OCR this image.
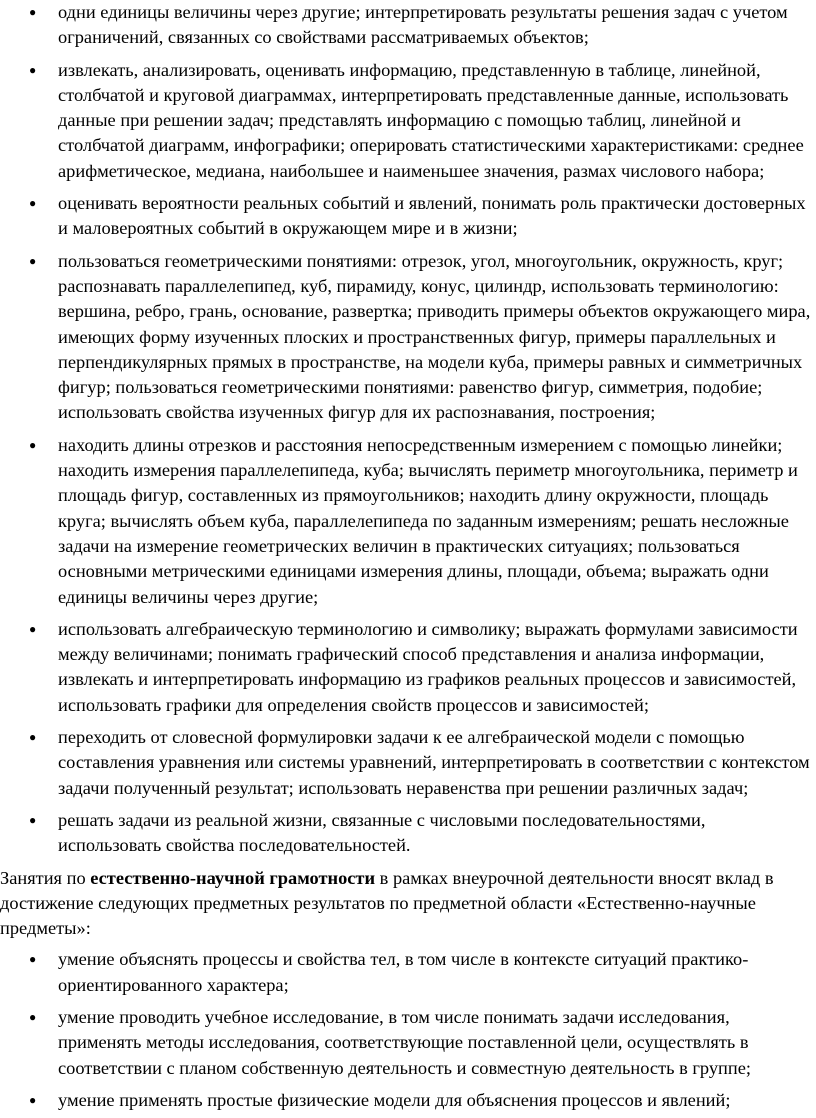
● одни единицы величины через другие; интерпретировать результаты решения задач с учетом ограничений, связанных со свойствами рассматриваемых объектов;
● извлекать, анализировать, оценивать информацию, представленную в таблице, линейной, столбчатой и круговой диаграммах, интерпретировать представленные данные, использовать данные при решении задач; представлять информацию с помощью таблиц, линейной и столбчатой диаграмм, инфографики; оперировать статистическими характеристиками: среднее арифметическое, медиана, наибольшее и наименьшее значения, размах числового набора;
● оценивать вероятности реальных событий и явлений, понимать роль практически достоверных и маловероятных событий в окружающем мире и в жизни;
● пользоваться геометрическими понятиями: отрезок, угол, многоугольник, окружность, круг; распознавать параллелепипед, куб, пирамиду, конус, цилиндр, использовать терминологию: вершина, ребро, грань, основание, развертка; приводить примеры объектов окружающего мира, имеющих форму изученных плоских и пространственных фигур, примеры параллельных и перпендикулярных прямых в пространстве, на модели куба, примеры равных и симметричных фигур; пользоваться геометрическими понятиями: равенство фигур, симметрия, подобие; использовать свойства изученных фигур для их распознавания, построения;
● находить длины отрезков и расстояния непосредственным измерением с помощью линейки; находить измерения параллелепипеда, куба; вычислять периметр многоугольника, периметр и площадь фигур, составленных из прямоугольников; находить длину окружности, площадь круга; вычислять объем куба, параллелепипеда по заданным измерениям; решать несложные задачи на измерение геометрических величин в практических ситуациях; пользоваться основными метрическими единицами измерения длины, площади, объема; выражать одни единицы величины через другие;
● использовать алгебраическую терминологию и символику; выражать формулами зависимости между величинами; понимать графический способ представления и анализа информации, извлекать и интерпретировать информацию из графиков реальных процессов и зависимостей, использовать графики для определения свойств процессов и зависимостей;
● переходить от словесной формулировки задачи к ее алгебраической модели с помощью составления уравнения или системы уравнений, интерпретировать в соответствии с контекстом задачи полученный результат; использовать неравенства при решении различных задач;
● решать задачи из реальной жизни, связанные с числовыми последовательностями, использовать свойства последовательностей.

Занятия по естественно-научной грамотности в рамках внеурочной деятельности вносят вклад в достижение следующих предметных результатов по предметной области «Естественно-научные предметы»:

● умение объяснять процессы и свойства тел, в том числе в контексте ситуаций практико-ориентированного характера;
● умение проводить учебное исследование, в том числе понимать задачи исследования, применять методы исследования, соответствующие поставленной цели, осуществлять в соответствии с планом собственную деятельность и совместную деятельность в группе;
● умение применять простые физические модели для объяснения процессов и явлений;
